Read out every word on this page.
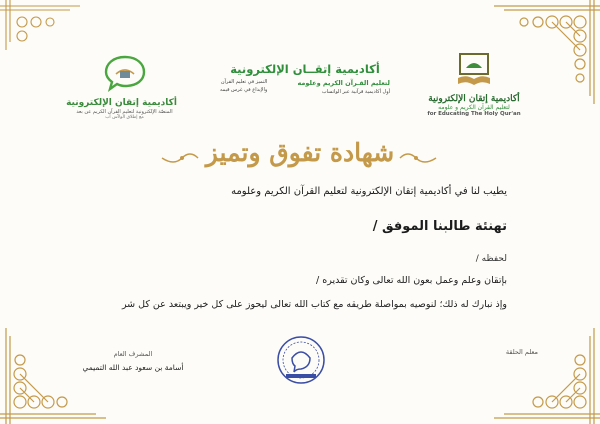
أكاديمية إتقان الإلكترونية
المنصّة الإلكترونية لتعليم القرآن الكريم عن بعد
مع إطلاق الولاّس أب
أكاديمية إتقــان الإلكترونية
لتعليم القـرآن الكريم وعلومه
أول أكاديمية قرآنية عبر الواتساب
التميز في تعليم القرآن
والإبداع في غرس قيمه
أكاديمية إتقان الإلكترونية
لتعليم القرآن الكريم و علومه
for Educating The Holy Qur'an
شهادة تفوق وتميز
يطيب لنا في أكاديمية إتقان الإلكترونية لتعليم القرآن الكريم وعلومه
تهنئة طالبنا الموفق /
لحفظه /
بإتقان وعلم وعمل بعون الله تعالى وكان تقديره /
وإذ نبارك له ذلك؛ لنوصيه بمواصلة طريقه مع كتاب الله تعالى ليحوز على كل خير ويبتعد عن كل شر
معلم الحلقة
المشرف العام
أسامة بن سعود عبد الله التميمي
